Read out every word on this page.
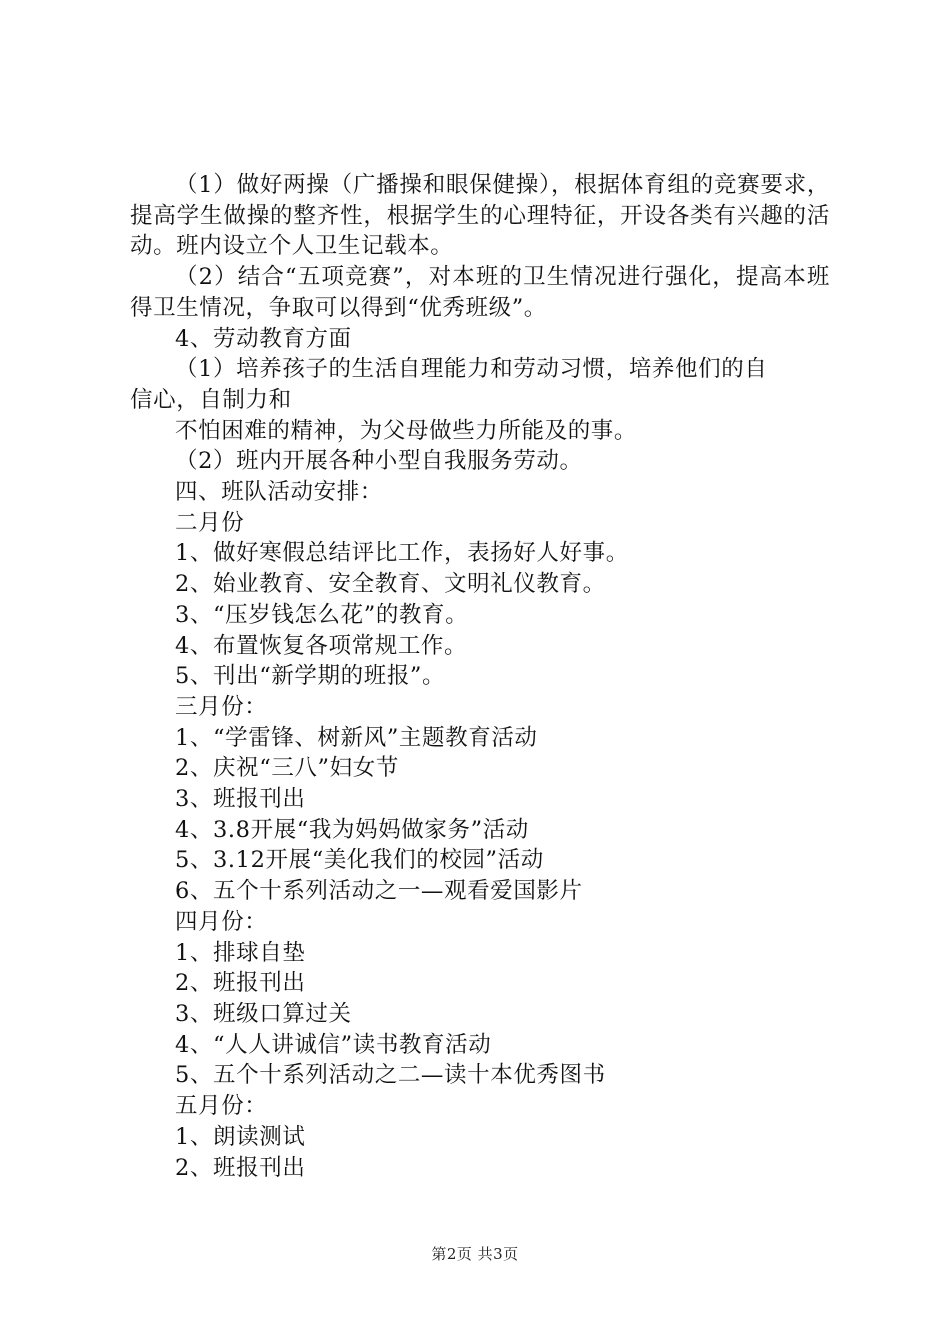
（1）做好两操（广播操和眼保健操），根据体育组的竞赛要求，提高学生做操的整齐性，根据学生的心理特征，开设各类有兴趣的活动。班内设立个人卫生记载本。

（2）结合“五项竞赛”，对本班的卫生情况进行强化，提高本班得卫生情况，争取可以得到“优秀班级”。

4、劳动教育方面

（1）培养孩子的生活自理能力和劳动习惯，培养他们的自

信心，自制力和

不怕困难的精神，为父母做些力所能及的事。

（2）班内开展各种小型自我服务劳动。

四、班队活动安排：

二月份

1、做好寒假总结评比工作，表扬好人好事。

2、始业教育、安全教育、文明礼仪教育。

3、“压岁钱怎么花”的教育。

4、布置恢复各项常规工作。

5、刊出“新学期的班报”。

三月份：

1、“学雷锋、树新风”主题教育活动

2、庆祝“三八”妇女节

3、班报刊出

4、3.8开展“我为妈妈做家务”活动

5、3.12开展“美化我们的校园”活动

6、五个十系列活动之一—观看爱国影片

四月份：

1、排球自垫

2、班报刊出

3、班级口算过关

4、“人人讲诚信”读书教育活动

5、五个十系列活动之二—读十本优秀图书

五月份：

1、朗读测试

2、班报刊出

第2页 共3页
